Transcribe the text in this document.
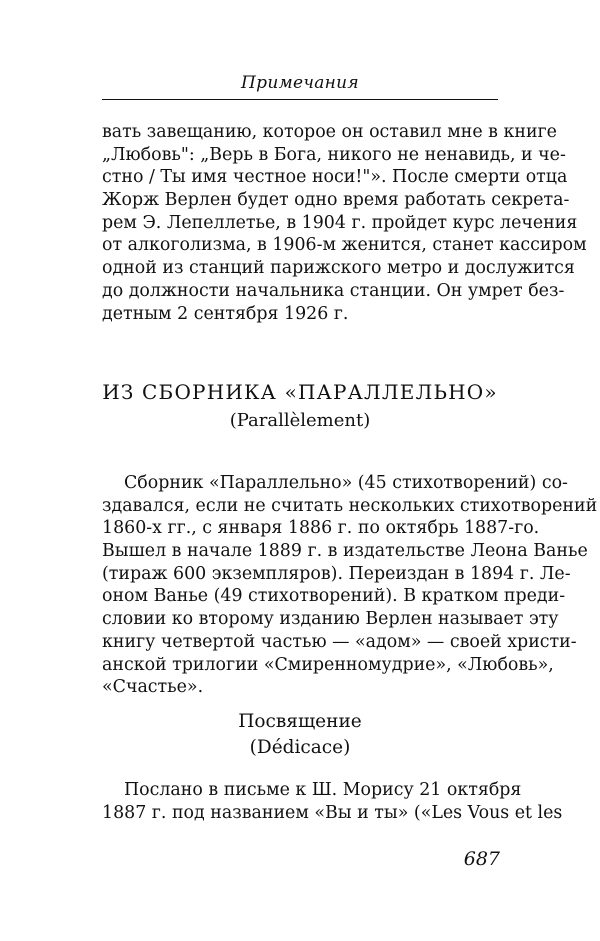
Примечания
вать завещанию, которое он оставил мне в книге
„Любовь": „Верь в Бога, никого не ненавидь, и че-
стно / Ты имя честное носи!"». После смерти отца
Жорж Верлен будет одно время работать секрета-
рем Э. Лепеллетье, в 1904 г. пройдет курс лечения
от алкоголизма, в 1906-м женится, станет кассиром
одной из станций парижского метро и дослужится
до должности начальника станции. Он умрет без-
детным 2 сентября 1926 г.
ИЗ СБОРНИКА «ПАРАЛЛЕЛЬНО»
(Parallèlement)
Сборник «Параллельно» (45 стихотворений) со-
здавался, если не считать нескольких стихотворений
1860-х гг., с января 1886 г. по октябрь 1887-го.
Вышел в начале 1889 г. в издательстве Леона Ванье
(тираж 600 экземпляров). Переиздан в 1894 г. Ле-
оном Ванье (49 стихотворений). В кратком преди-
словии ко второму изданию Верлен называет эту
книгу четвертой частью — «адом» — своей христи-
анской трилогии «Смиренномудрие», «Любовь»,
«Счастье».
Посвящение
(Dédicace)
Послано в письме к Ш. Морису 21 октября
1887 г. под названием «Вы и ты» («Les Vous et les
687
